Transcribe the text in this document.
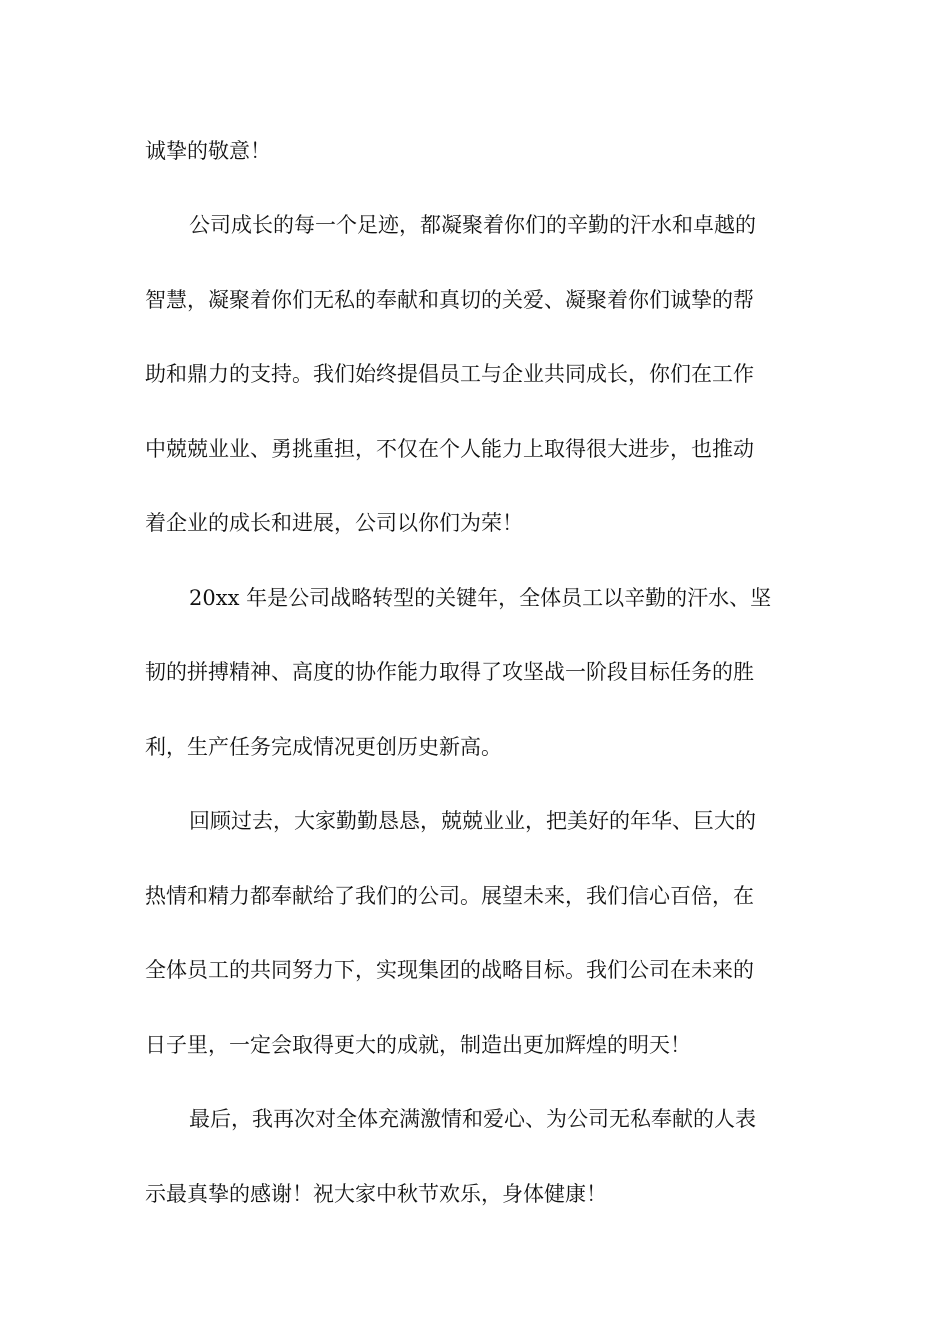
诚挚的敬意！

公司成长的每一个足迹，都凝聚着你们的辛勤的汗水和卓越的

智慧，凝聚着你们无私的奉献和真切的关爱、凝聚着你们诚挚的帮

助和鼎力的支持。我们始终提倡员工与企业共同成长，你们在工作

中兢兢业业、勇挑重担，不仅在个人能力上取得很大进步，也推动

着企业的成长和进展，公司以你们为荣！

20xx 年是公司战略转型的关键年，全体员工以辛勤的汗水、坚

韧的拼搏精神、高度的协作能力取得了攻坚战一阶段目标任务的胜

利，生产任务完成情况更创历史新高。

回顾过去，大家勤勤恳恳，兢兢业业，把美好的年华、巨大的

热情和精力都奉献给了我们的公司。展望未来，我们信心百倍，在

全体员工的共同努力下，实现集团的战略目标。我们公司在未来的

日子里，一定会取得更大的成就，制造出更加辉煌的明天！

最后，我再次对全体充满激情和爱心、为公司无私奉献的人表

示最真挚的感谢！祝大家中秋节欢乐，身体健康！
